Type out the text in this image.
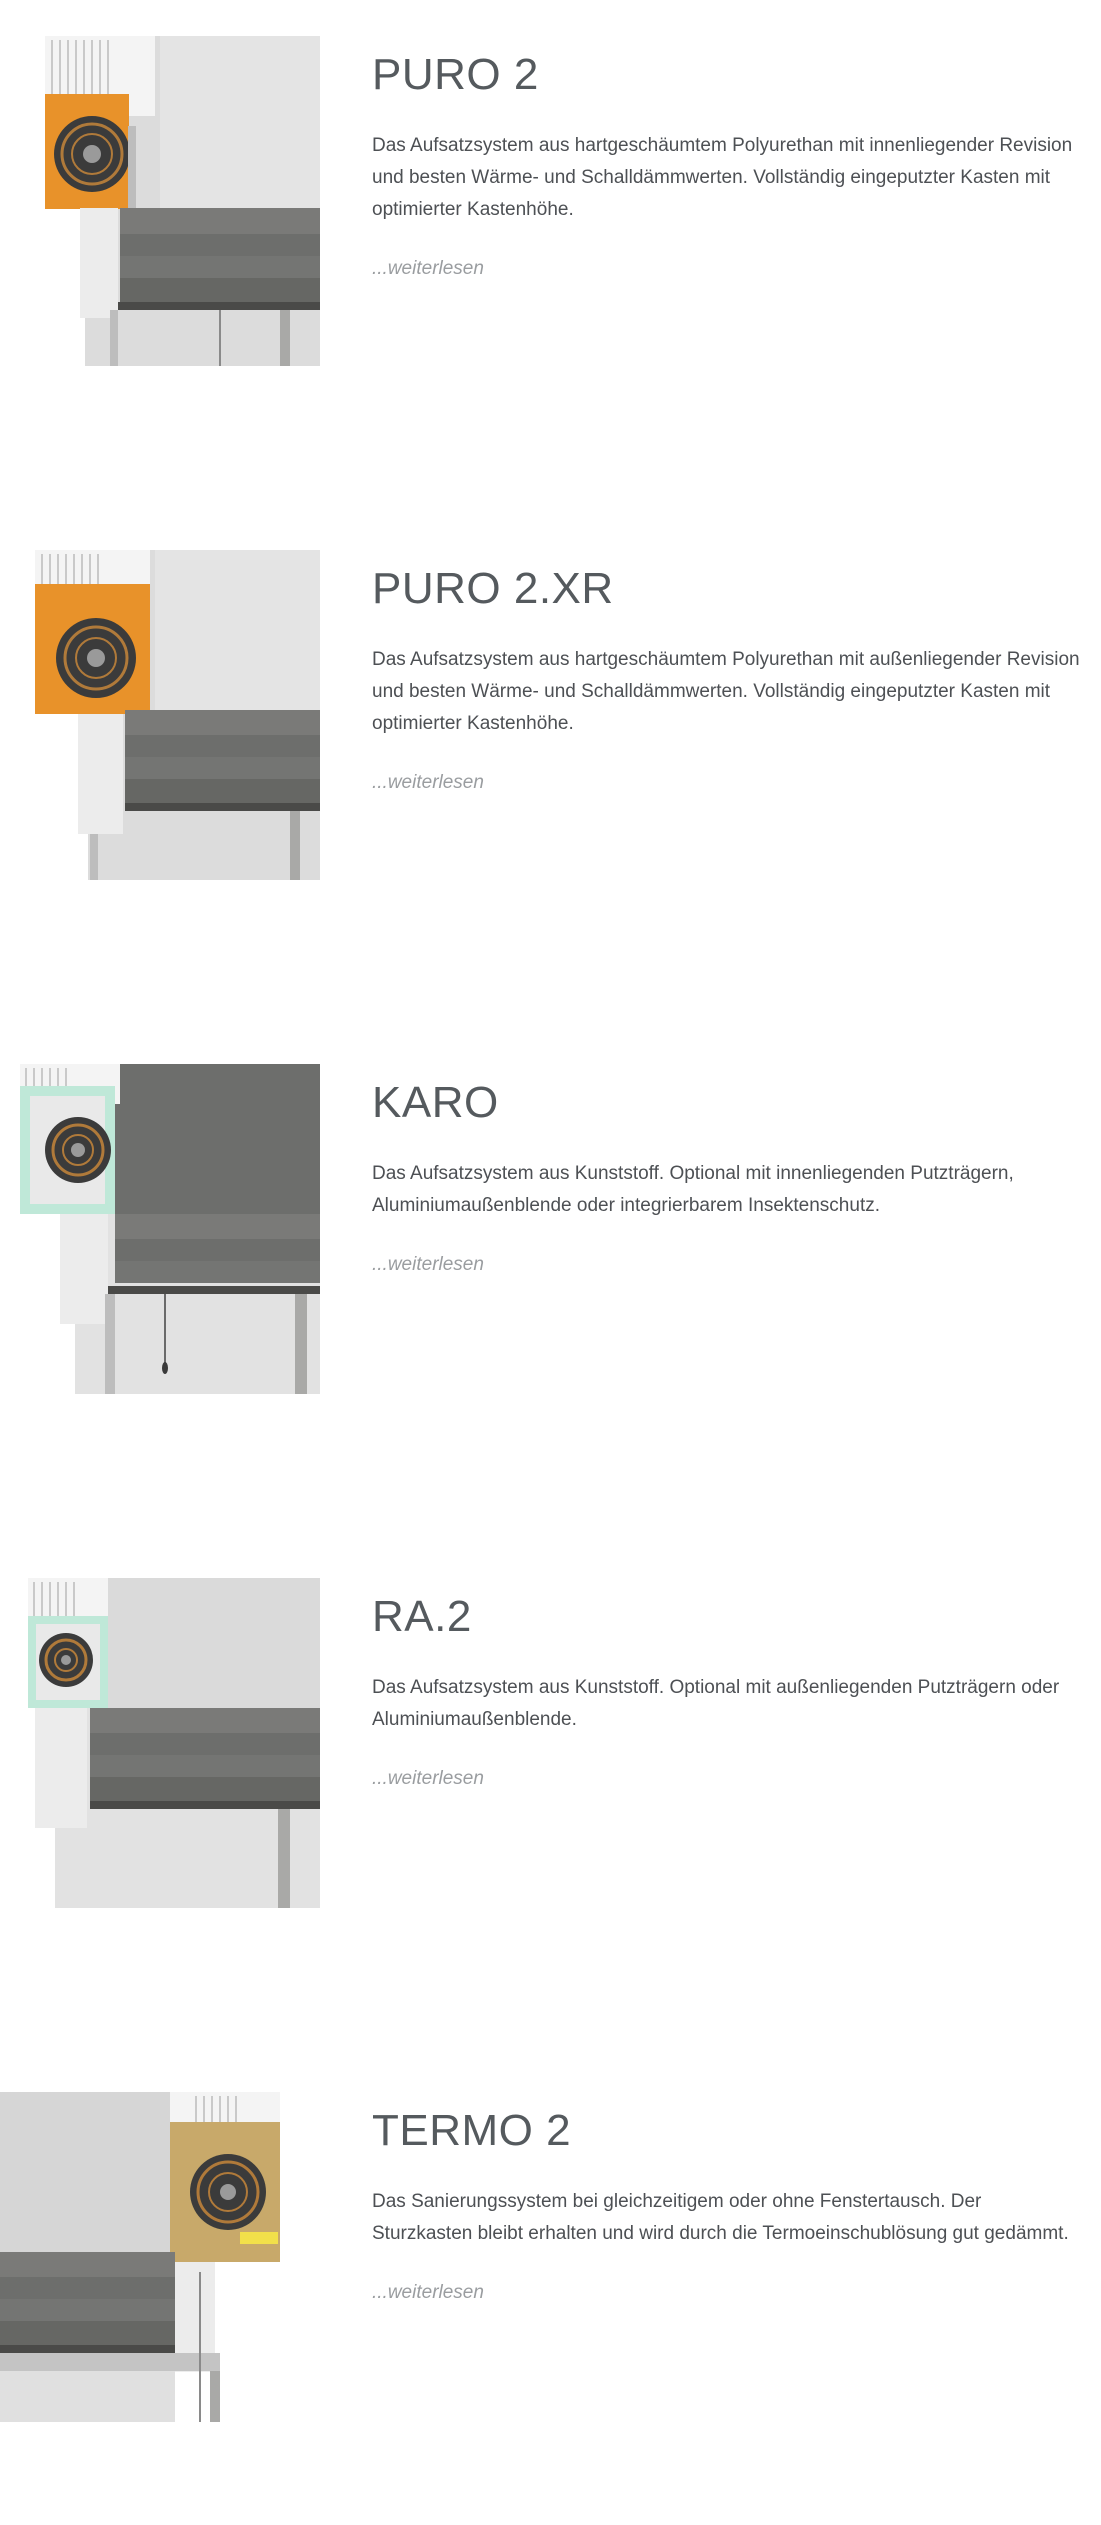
PURO 2

Das Aufsatzsystem aus hartgeschäumtem Polyurethan mit innenliegender Revision und besten Wärme- und Schalldämmwerten. Vollständig eingeputzter Kasten mit optimierter Kastenhöhe.

...weiterlesen
PURO 2.XR

Das Aufsatzsystem aus hartgeschäumtem Polyurethan mit außenliegender Revision und besten Wärme- und Schalldämmwerten. Vollständig eingeputzter Kasten mit optimierter Kastenhöhe.

...weiterlesen
KARO

Das Aufsatzsystem aus Kunststoff. Optional mit innenliegenden Putzträgern, Aluminiumaußenblende oder integrierbarem Insektenschutz.

...weiterlesen
RA.2

Das Aufsatzsystem aus Kunststoff. Optional mit außenliegenden Putzträgern oder Aluminiumaußenblende.

...weiterlesen
TERMO 2

Das Sanierungssystem bei gleichzeitigem oder ohne Fenstertausch. Der Sturzkasten bleibt erhalten und wird durch die Termoeinschublösung gut gedämmt.

...weiterlesen
